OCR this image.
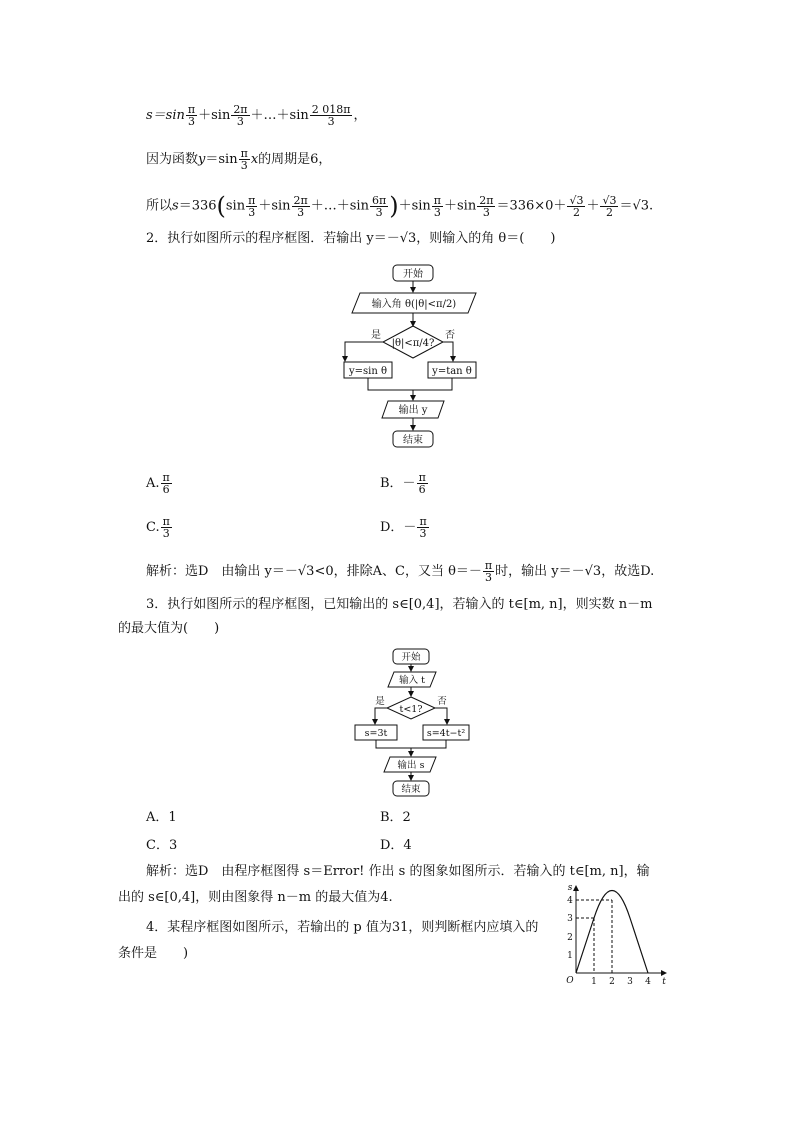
$s=\sin \frac{\pi}{3} +\sin \frac{2\pi}{3}$ ＋…＋sin $\frac{2 018\pi}{3}$ ，
因为函数$y=\sin \frac{\pi}{3}$ x的周期是6，
所以$s=336(\sin \frac{\pi}{3} +\sin \frac{2\pi}{3}$ ＋…＋sin $\frac{6\pi}{3} )+\sin \frac{\pi}{3} +\sin \frac{2\pi}{3} =336\times 0+ \frac{√3}{2} + \frac{√3}{2} =√3$.
2．执行如图所示的程序框图．若输出 y＝－√3，则输入的角 θ＝(　　)
开始
输入角 θ(|θ|<π/2)
|θ|<π/4?
是	否
y=sin θ	y=tan θ
输出 y
结束
A. $\frac{\pi}{6}$	B．－ $\frac{\pi}{6}$
C. $\frac{\pi}{3}$	D．－ $\frac{\pi}{3}$
解析：选D　由输出 y＝－√3<0，排除A、C，又当 $\theta=- \frac{\pi}{3}$ 时，输出 y＝－√3，故选D.
3．执行如图所示的程序框图，已知输出的 s∈[0,4]，若输入的 t∈[m, n]，则实数 n－m
的最大值为(　　)
开始
输入 t
t<1?
是	否
s=3t	s=4t−t²
输出 s
结束
A．1	B．2
C．3	D．4
解析：选D　由程序框图得 s＝Error! 作出 s 的图象如图所示．若输入的 t∈[m, n]，输
出的 s∈[0,4]，则由图象得 n－m 的最大值为4.
4．某程序框图如图所示，若输出的 p 值为31，则判断框内应填入的
条件是　　)
s
t
O 1 2 3 4
1
2
3
4
